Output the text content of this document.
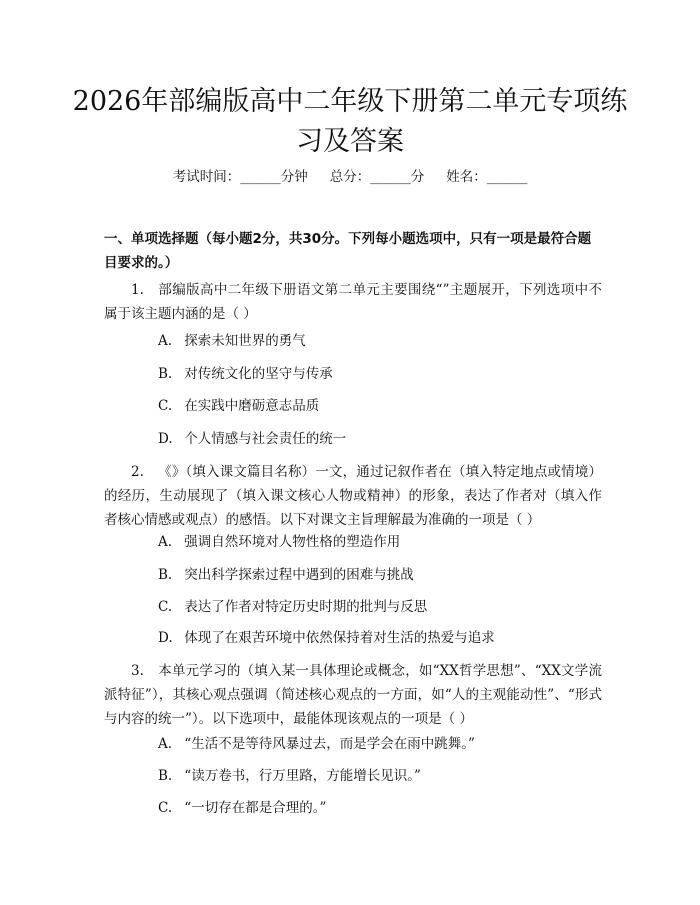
2026年部编版高中二年级下册第二单元专项练习及答案
考试时间：______分钟 总分：______分 姓名：______

一、单项选择题（每小题2分，共30分。下列每小题选项中，只有一项是最符合题目要求的。）

1. 部编版高中二年级下册语文第二单元主要围绕“”主题展开，下列选项中不属于该主题内涵的是（ ）

A. 探索未知世界的勇气

B. 对传统文化的坚守与传承

C. 在实践中磨砺意志品质

D. 个人情感与社会责任的统一

2. 《》（填入课文篇目名称）一文，通过记叙作者在（填入特定地点或情境）的经历，生动展现了（填入课文核心人物或精神）的形象，表达了作者对（填入作者核心情感或观点）的感悟。以下对课文主旨理解最为准确的一项是（ ）

A. 强调自然环境对人物性格的塑造作用

B. 突出科学探索过程中遇到的困难与挑战

C. 表达了作者对特定历史时期的批判与反思

D. 体现了在艰苦环境中依然保持着对生活的热爱与追求

3. 本单元学习的（填入某一具体理论或概念，如“XX哲学思想”、“XX文学流派特征”），其核心观点强调（简述核心观点的一方面，如“人的主观能动性”、“形式与内容的统一”）。以下选项中，最能体现该观点的一项是（ ）

A. “生活不是等待风暴过去，而是学会在雨中跳舞。”

B. “读万卷书，行万里路，方能增长见识。”

C. “一切存在都是合理的。”
